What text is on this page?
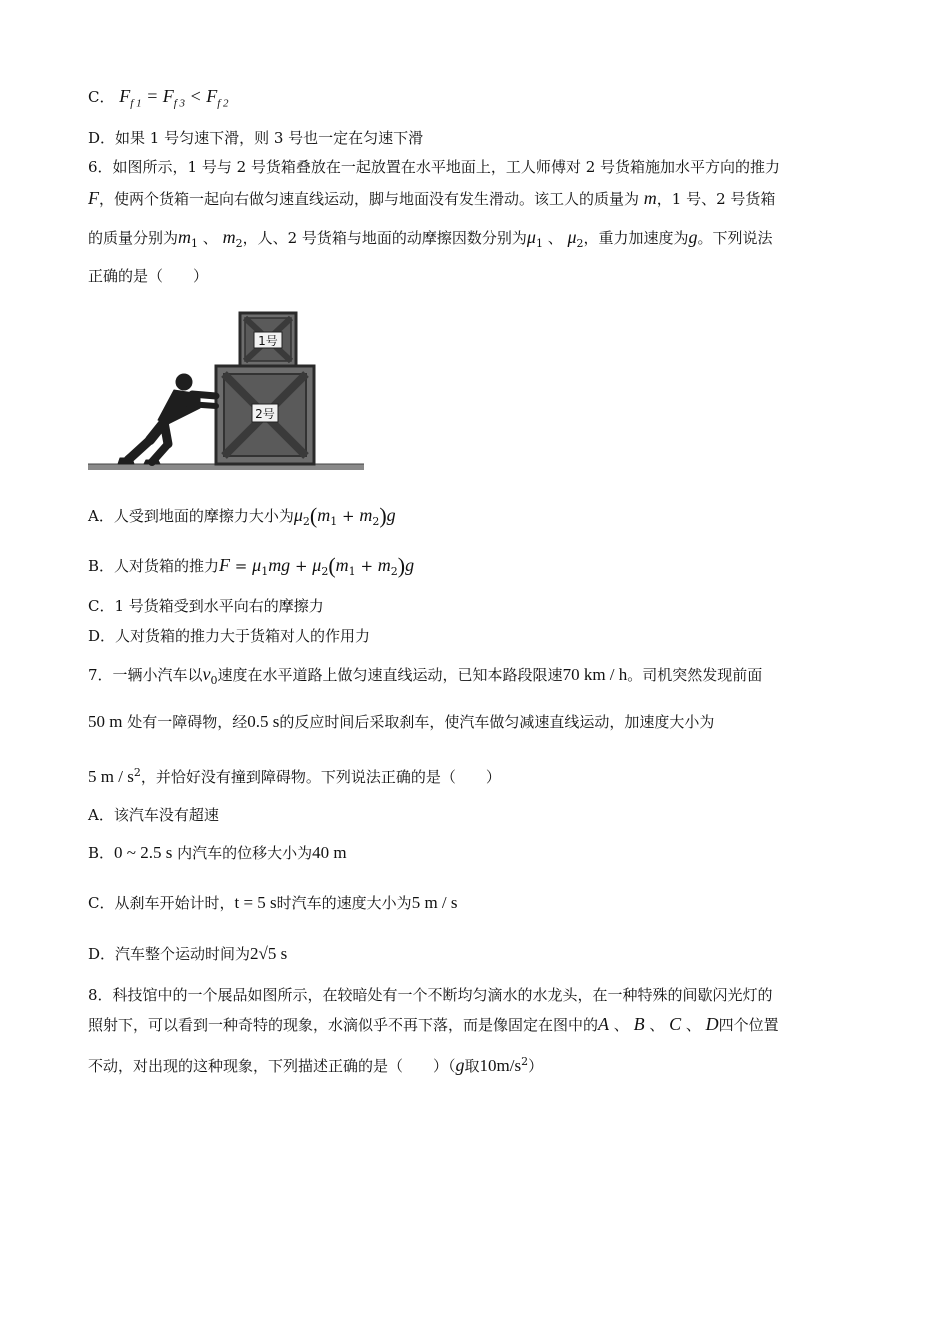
C． $F_{f 1} = F_{f 3} < F_{f 2}$
D．如果 1 号匀速下滑，则 3 号也一定在匀速下滑
6．如图所示，1 号与 2 号货箱叠放在一起放置在水平地面上，工人师傅对 2 号货箱施加水平方向的推力
F，使两个货箱一起向右做匀速直线运动，脚与地面没有发生滑动。该工人的质量为 m，1 号、2 号货箱
的质量分别为$m_1$ 、 $m_2$，人、2 号货箱与地面的动摩擦因数分别为$\mu_1$ 、 $\mu_2$，重力加速度为g。下列说法
正确的是（　　）
2号
1号
A．人受到地面的摩擦力大小为$\mu_2(m_1 + m_2)g$
B．人对货箱的推力$F = \mu_1mg + \mu_2(m_1 + m_2)g$
C．1 号货箱受到水平向右的摩擦力
D．人对货箱的推力大于货箱对人的作用力
7．一辆小汽车以$v_0$速度在水平道路上做匀速直线运动，已知本路段限速70 km / h。司机突然发现前面
50 m 处有一障碍物，经0.5 s的反应时间后采取刹车，使汽车做匀减速直线运动，加速度大小为
5 m / $s^2$，并恰好没有撞到障碍物。下列说法正确的是（　　）
A．该汽车没有超速
B．0 ~ 2.5 s 内汽车的位移大小为40 m
C．从刹车开始计时，t = 5 s时汽车的速度大小为5 m / s
D．汽车整个运动时间为2√5 s
8．科技馆中的一个展品如图所示，在较暗处有一个不断均匀滴水的水龙头，在一种特殊的间歇闪光灯的
照射下，可以看到一种奇特的现象，水滴似乎不再下落，而是像固定在图中的A 、 B 、 C 、 D四个位置
不动，对出现的这种现象，下列描述正确的是（　　）（g取$10m/s^2$）
